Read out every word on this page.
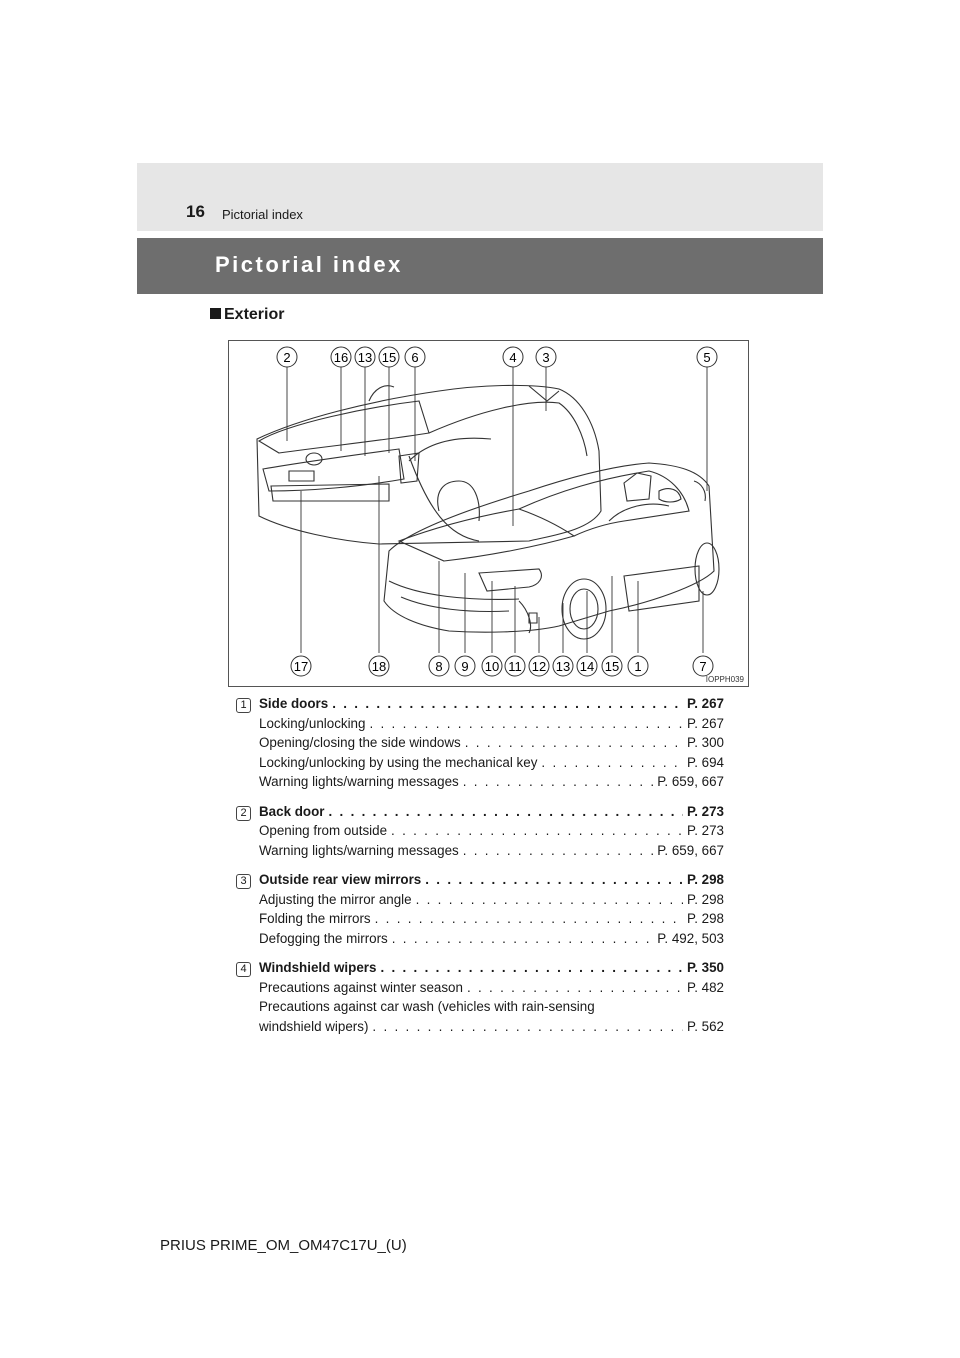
16 Pictorial index
Pictorial index
Exterior
2	16 13 15 6	4 3	5
17	18	8 9 10 11 12 13 14 15 1	7
IOPPH039
1 Side doors . . .	P. 267
Locking/unlocking . . .	P. 267
Opening/closing the side windows . . .	P. 300
Locking/unlocking by using the mechanical key . . .	P. 694
Warning lights/warning messages . . .	P. 659, 667
2 Back door . . .	P. 273
Opening from outside . . .	P. 273
Warning lights/warning messages . . .	P. 659, 667
3 Outside rear view mirrors . . .	P. 298
Adjusting the mirror angle . . .	P. 298
Folding the mirrors . . .	P. 298
Defogging the mirrors . . .	P. 492, 503
4 Windshield wipers . . .	P. 350
Precautions against winter season . . .	P. 482
Precautions against car wash (vehicles with rain-sensing
windshield wipers) . . .	P. 562
PRIUS PRIME_OM_OM47C17U_(U)
